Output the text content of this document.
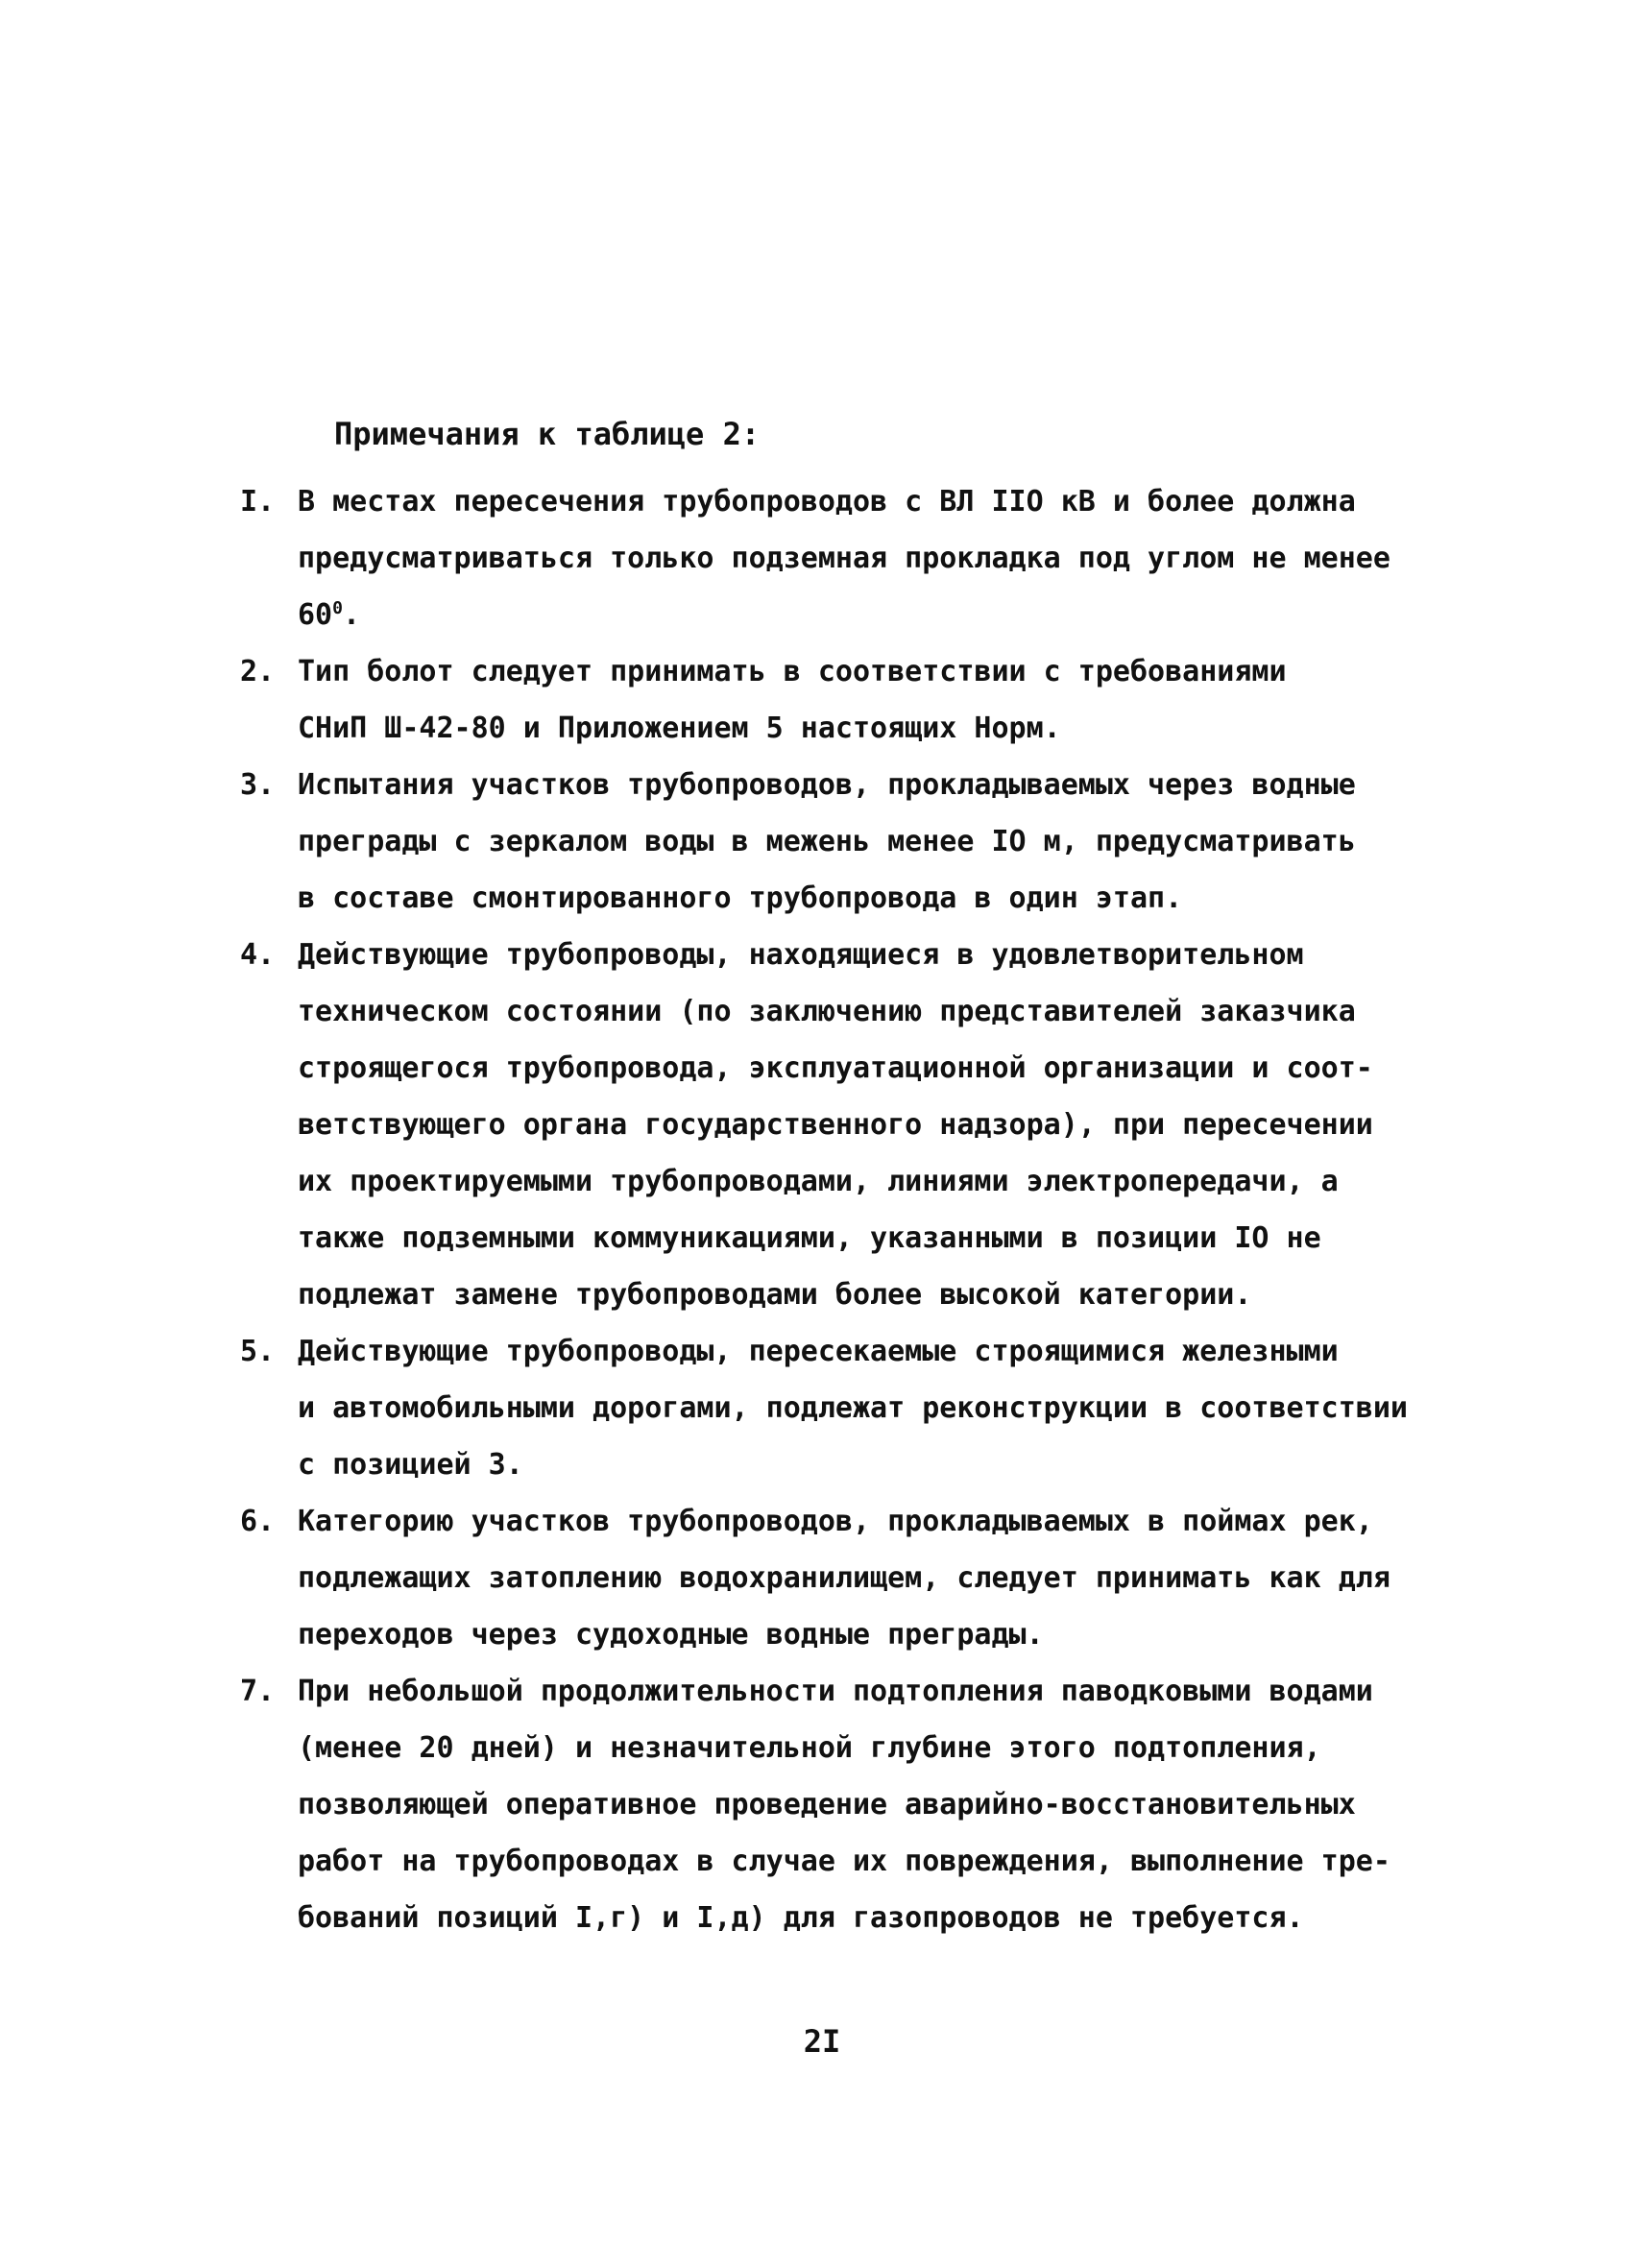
Примечания к таблице 2:
I. В местах пересечения трубопроводов с ВЛ IIO кВ и более должна
предусматриваться только подземная прокладка под углом не менее
$60^0$.
2. Тип болот следует принимать в соответствии с требованиями
СНиП Ш-42-80 и Приложением 5 настоящих Норм.
3. Испытания участков трубопроводов, прокладываемых через водные
преграды с зеркалом воды в межень менее IO м, предусматривать
в составе смонтированного трубопровода в один этап.
4. Действующие трубопроводы, находящиеся в удовлетворительном
техническом состоянии (по заключению представителей заказчика
строящегося трубопровода, эксплуатационной организации и соот-
ветствующего органа государственного надзора), при пересечении
их проектируемыми трубопроводами, линиями электропередачи, а
также подземными коммуникациями, указанными в позиции IO не
подлежат замене трубопроводами более высокой категории.
5. Действующие трубопроводы, пересекаемые строящимися железными
и автомобильными дорогами, подлежат реконструкции в соответствии
с позицией 3.
6. Категорию участков трубопроводов, прокладываемых в поймах рек,
подлежащих затоплению водохранилищем, следует принимать как для
переходов через судоходные водные преграды.
7. При небольшой продолжительности подтопления паводковыми водами
(менее 20 дней) и незначительной глубине этого подтопления,
позволяющей оперативное проведение аварийно-восстановительных
работ на трубопроводах в случае их повреждения, выполнение тре-
бований позиций I,г) и I,д) для газопроводов не требуется.
2I
